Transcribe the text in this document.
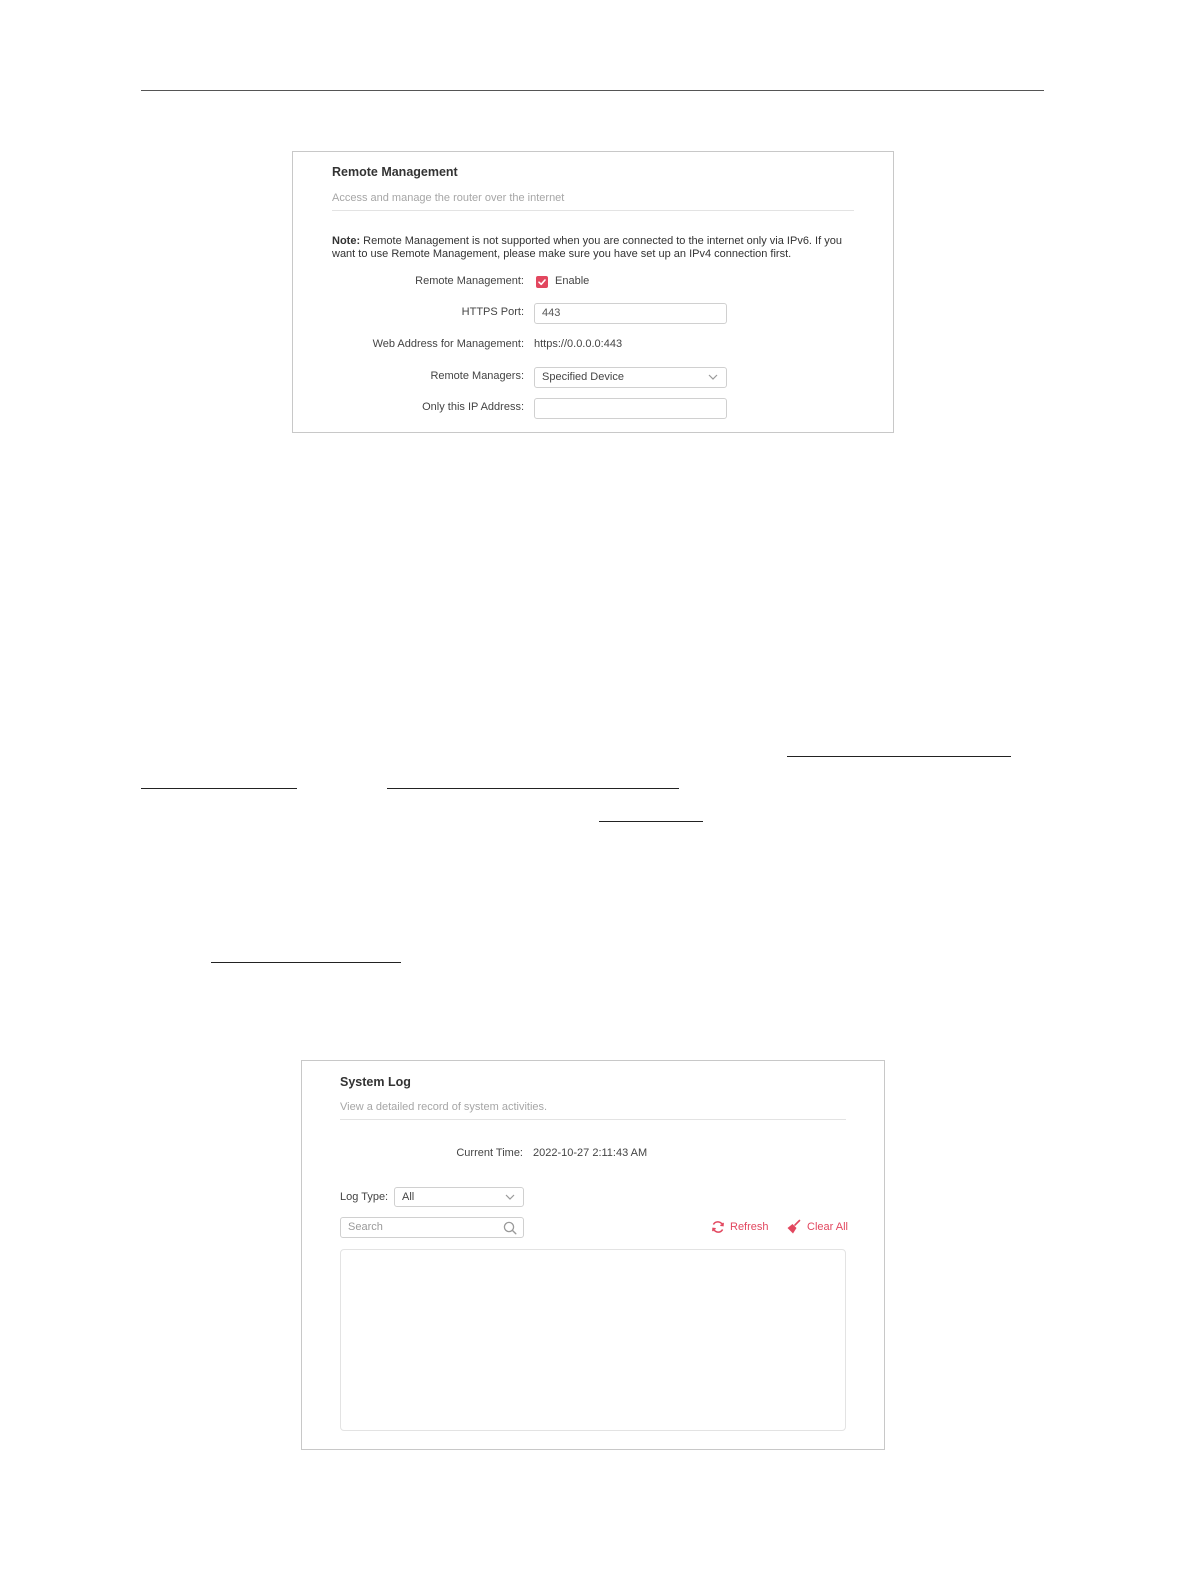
Remote Management
Access and manage the router over the internet
Note: Remote Management is not supported when you are connected to the internet only via IPv6. If you
want to use Remote Management, please make sure you have set up an IPv4 connection first.
Remote Management:	Enable
HTTPS Port:	443
Web Address for Management: https://0.0.0.0:443
Remote Managers:	Specified Device
Only this IP Address:
System Log
View a detailed record of system activities.
Current Time: 2022-10-27 2:11:43 AM
Log Type:	All
Search	Refresh	Clear All
